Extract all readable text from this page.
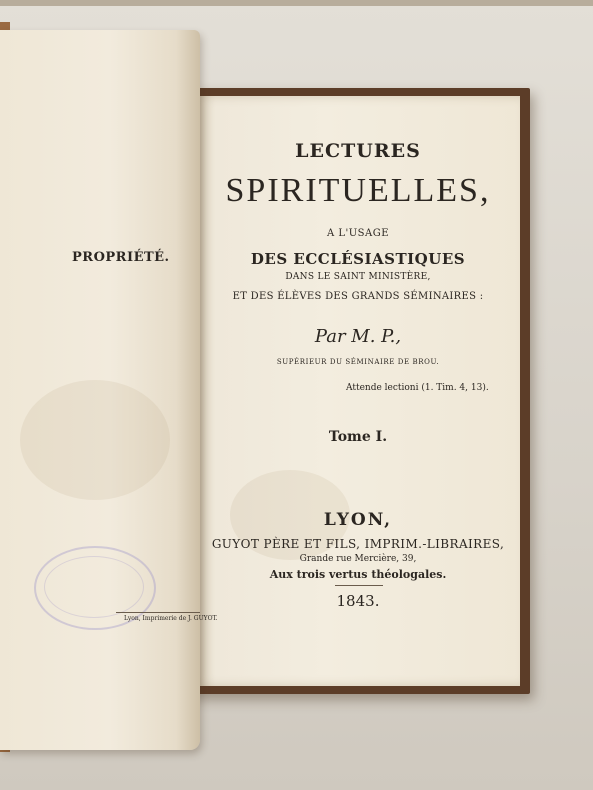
LECTURES
SPIRITUELLES,
A L'USAGE
DES ECCLÉSIASTIQUES
DANS LE SAINT MINISTÈRE,
ET DES ÉLÈVES DES GRANDS SÉMINAIRES :
Par M. P.,
SUPÉRIEUR DU SÉMINAIRE DE BROU.
Attende lectioni (1. Tim. 4, 13).
Tome I.
LYON,
GUYOT PÈRE ET FILS, IMPRIM.-LIBRAIRES,
Grande rue Mercière, 39,
Aux trois vertus théologales.
1843.
PROPRIÉTÉ.
Lyon, Imprimerie de J. GUYOT.
